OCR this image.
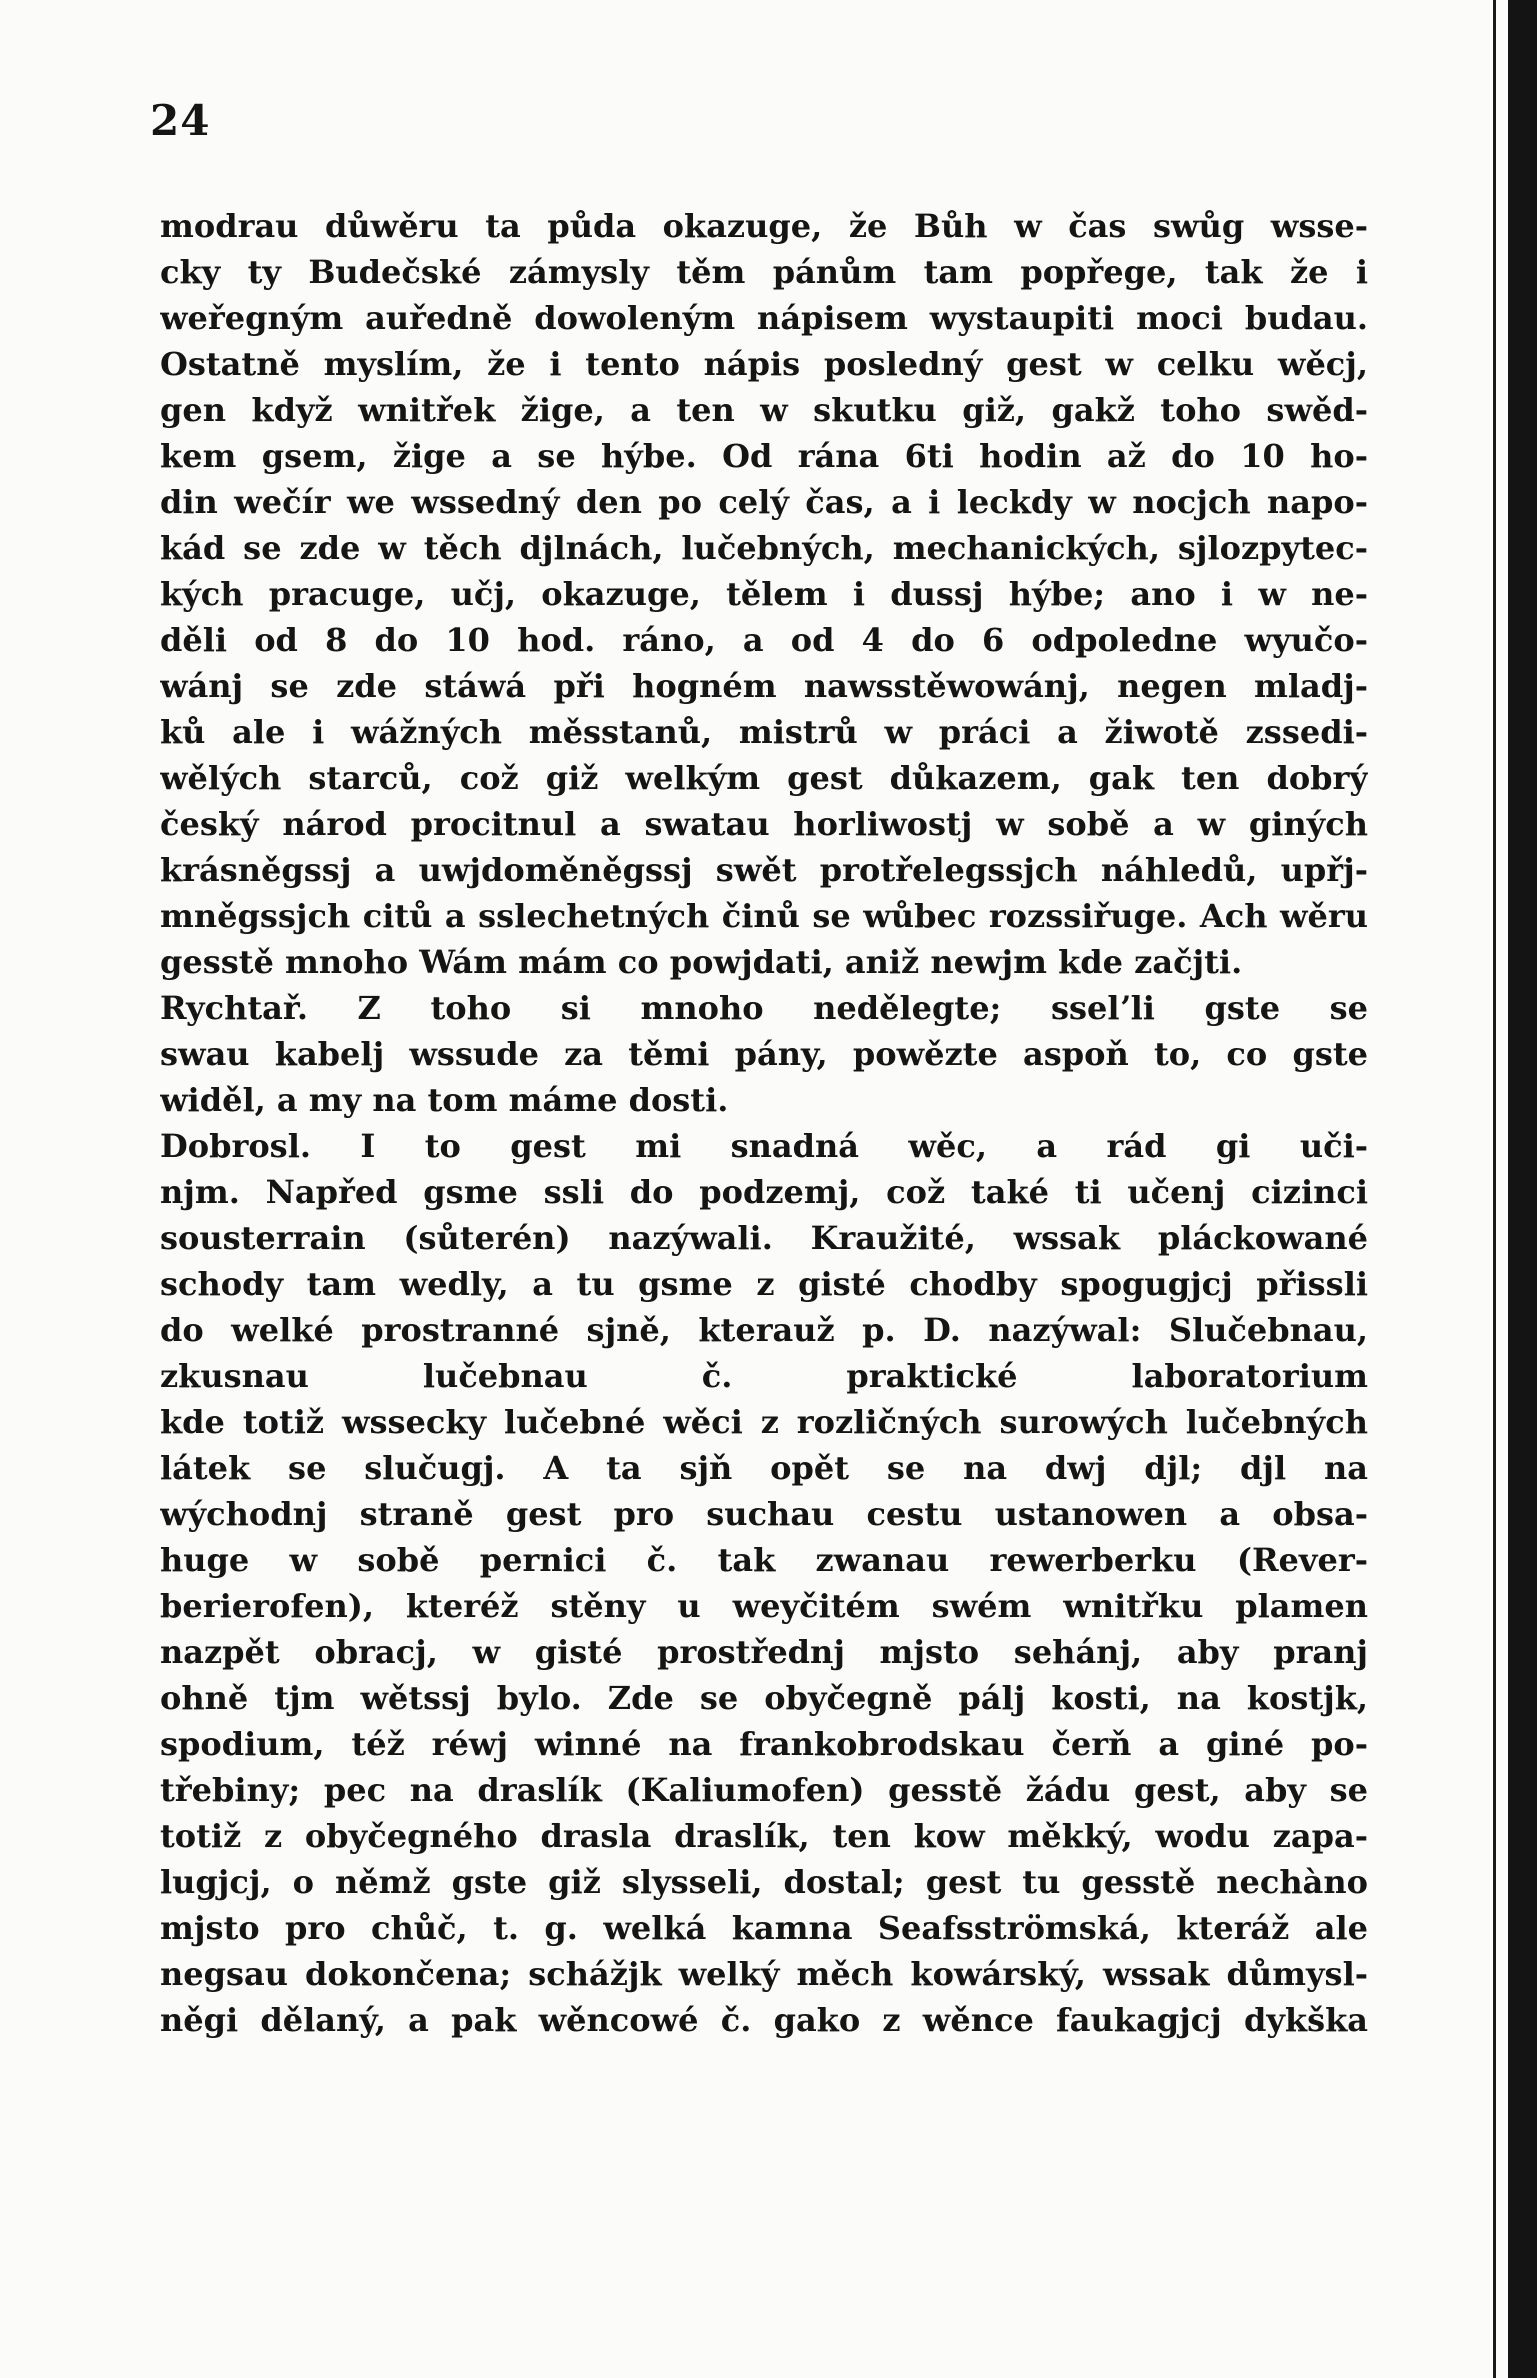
24
modrau důwěru ta půda okazuge, že Bůh w čas swůg wsse-
cky ty Budečské zámysly těm pánům tam popřege, tak že i
weřegným auředně dowoleným nápisem wystaupiti moci budau.
Ostatně myslím, že i tento nápis posledný gest w celku wěcj,
gen když wnitřek žige, a ten w skutku giž, gakž toho swěd-
kem gsem, žige a se hýbe. Od rána 6ti hodin až do 10 ho-
din wečír we wssedný den po celý čas, a i leckdy w nocjch napo-
kád se zde w těch djlnách, lučebných, mechanických, sjlozpytec-
kých pracuge, učj, okazuge, tělem i dussj hýbe; ano i w ne-
děli od 8 do 10 hod. ráno, a od 4 do 6 odpoledne wyučo-
wánj se zde stáwá při hogném nawsstěwowánj, negen mladj-
ků ale i wážných měsstanů, mistrů w práci a žiwotě zssedi-
wělých starců, což giž welkým gest důkazem, gak ten dobrý
český národ procitnul a swatau horliwostj w sobě a w giných
krásněgssj a uwjdoměněgssj swět protřelegssjch náhledů, upřj-
mněgssjch citů a sslechetných činů se wůbec rozssiřuge. Ach wěru
gesstě mnoho Wám mám co powjdati, aniž newjm kde začjti.
Rychtař. Z toho si mnoho nedělegte; sselʼli gste se
swau kabelj wssude za těmi pány, powězte aspoň to, co gste
widěl, a my na tom máme dosti.
Dobrosl. I to gest mi snadná wěc, a rád gi uči-
njm. Napřed gsme ssli do podzemj, což také ti učenj cizinci
sousterrain (sůterén) nazýwali. Kraužité, wssak pláckowané
schody tam wedly, a tu gsme z gisté chodby spogugjcj přissli
do welké prostranné sjně, kterauž p. D. nazýwal: Slučebnau,
zkusnau lučebnau č. praktické laboratorium
kde totiž wssecky lučebné wěci z rozličných surowých lučebných
látek se slučugj. A ta sjň opět se na dwj djl; djl na
wýchodnj straně gest pro suchau cestu ustanowen a obsa-
huge w sobě pernici č. tak zwanau rewerberku (Rever-
berierofen), kteréž stěny u weyčitém swém wnitřku plamen
nazpět obracj, w gisté prostřednj mjsto sehánj, aby pranj
ohně tjm wětssj bylo. Zde se obyčegně pálj kosti, na kostjk,
spodium, též réwj winné na frankobrodskau čerň a giné po-
třebiny; pec na draslík (Kaliumofen) gesstě žádu gest, aby se
totiž z obyčegného drasla draslík, ten kow měkký, wodu zapa-
lugjcj, o němž gste giž slysseli, dostal; gest tu gesstě nechàno
mjsto pro chůč, t. g. welká kamna Seafsströmská, kteráž ale
negsau dokončena; schážjk welký měch kowárský, wssak důmysl-
něgi dělaný, a pak wěncowé č. gako z wěnce faukagjcj dykška
